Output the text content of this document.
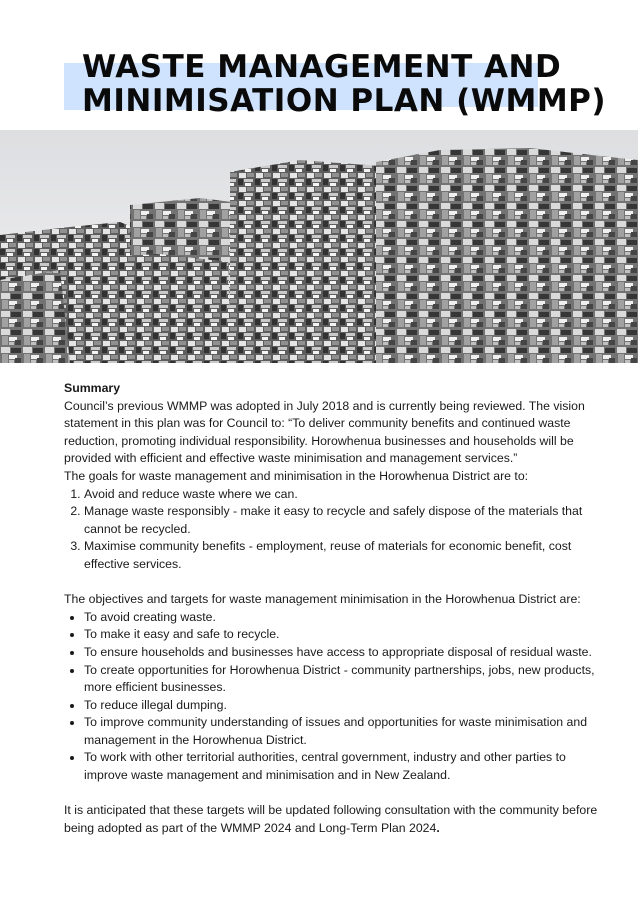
WASTE MANAGEMENT AND
MINIMISATION PLAN (WMMP)

Summary

Council’s previous WMMP was adopted in July 2018 and is currently being reviewed. The vision statement in this plan was for Council to: “To deliver community benefits and continued waste reduction, promoting individual responsibility. Horowhenua businesses and households will be provided with efficient and effective waste minimisation and management services.”

The goals for waste management and minimisation in the Horowhenua District are to:

1. Avoid and reduce waste where we can.
2. Manage waste responsibly - make it easy to recycle and safely dispose of the materials that cannot be recycled.
3. Maximise community benefits - employment, reuse of materials for economic benefit, cost effective services.

The objectives and targets for waste management minimisation in the Horowhenua District are:

• To avoid creating waste.
• To make it easy and safe to recycle.
• To ensure households and businesses have access to appropriate disposal of residual waste.
• To create opportunities for Horowhenua District - community partnerships, jobs, new products, more efficient businesses.
• To reduce illegal dumping.
• To improve community understanding of issues and opportunities for waste minimisation and management in the Horowhenua District.
• To work with other territorial authorities, central government, industry and other parties to improve waste management and minimisation and in New Zealand.

It is anticipated that these targets will be updated following consultation with the community before being adopted as part of the WMMP 2024 and Long-Term Plan 2024.
